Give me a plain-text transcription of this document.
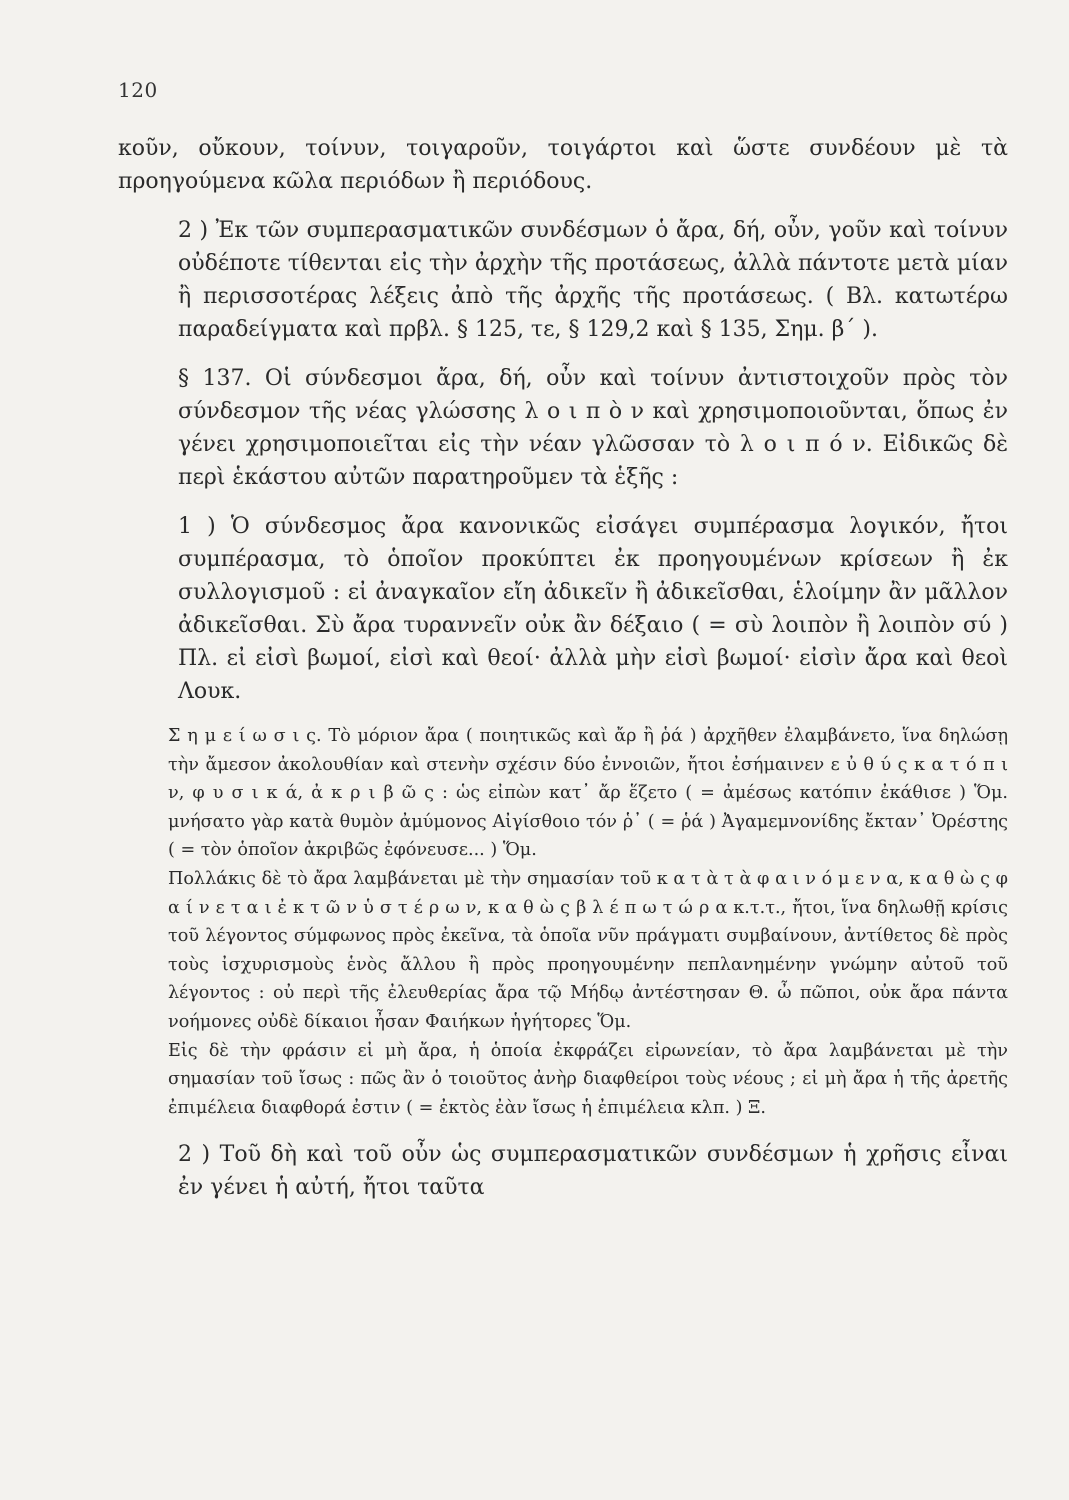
120

κοῦν, οὔκουν, τοίνυν, τοιγαροῦν, τοιγάρτοι καὶ ὥστε συνδέουν μὲ τὰ προηγούμενα κῶλα περιόδων ἢ περιόδους.

2 ) Ἐκ τῶν συμπερασματικῶν συνδέσμων ὁ ἄρα, δή, οὖν, γοῦν καὶ τοίνυν οὐδέποτε τίθενται εἰς τὴν ἀρχὴν τῆς προτάσεως, ἀλλὰ πάντοτε μετὰ μίαν ἢ περισσοτέρας λέξεις ἀπὸ τῆς ἀρχῆς τῆς προτάσεως. ( Βλ. κατωτέρω παραδείγματα καὶ πρβλ. § 125, τε, § 129,2 καὶ § 135, Σημ. β΄ ).

§ 137. Οἱ σύνδεσμοι ἄρα, δή, οὖν καὶ τοίνυν ἀντιστοιχοῦν πρὸς τὸν σύνδεσμον τῆς νέας γλώσσης λ ο ι π ὸ ν καὶ χρησιμοποιοῦνται, ὅπως ἐν γένει χρησιμοποιεῖται εἰς τὴν νέαν γλῶσσαν τὸ λ ο ι π ό ν. Εἰδικῶς δὲ περὶ ἑκάστου αὐτῶν παρατηροῦμεν τὰ ἑξῆς :

1 ) Ὁ σύνδεσμος ἄρα κανονικῶς εἰσάγει συμπέρασμα λογικόν, ἤτοι συμπέρασμα, τὸ ὁποῖον προκύπτει ἐκ προηγουμένων κρίσεων ἢ ἐκ συλλογισμοῦ : εἰ ἀναγκαῖον εἴη ἀδικεῖν ἢ ἀδικεῖσθαι, ἑλοίμην ἂν μᾶλλον ἀδικεῖσθαι. Σὺ ἄρα τυραννεῖν οὐκ ἂν δέξαιο ( = σὺ λοιπὸν ἢ λοιπὸν σύ ) Πλ. εἰ εἰσὶ βωμοί, εἰσὶ καὶ θεοί· ἀλλὰ μὴν εἰσὶ βωμοί· εἰσὶν ἄρα καὶ θεοὶ Λουκ.

Σ η μ ε ί ω σ ι ς. Τὸ μόριον ἄρα ( ποιητικῶς καὶ ἄρ ἢ ῥά ) ἀρχῆθεν ἐλαμβάνετο, ἵνα δηλώσῃ τὴν ἄμεσον ἀκολουθίαν καὶ στενὴν σχέσιν δύο ἐννοιῶν, ἤτοι ἐσήμαινεν ε ὐ θ ύ ς κ α τ ό π ι ν, φ υ σ ι κ ά, ἀ κ ρ ι β ῶ ς : ὡς εἰπὼν κατ᾽ ἄρ ἕζετο ( = ἀμέσως κατόπιν ἐκάθισε ) Ὅμ. μνήσατο γὰρ κατὰ θυμὸν ἀμύμονος Αἰγίσθοιο τόν ῥ᾽ ( = ῥά ) Ἀγαμεμνονίδης ἔκταν᾽ Ὀρέστης ( = τὸν ὁποῖον ἀκριβῶς ἐφόνευσε... ) Ὅμ.

Πολλάκις δὲ τὸ ἄρα λαμβάνεται μὲ τὴν σημασίαν τοῦ κ α τ ὰ τ ὰ φ α ι ν ό μ ε ν α, κ α θ ὼ ς φ α ί ν ε τ α ι ἐ κ τ ῶ ν ὑ σ τ έ ρ ω ν, κ α θ ὼ ς β λ έ π ω τ ώ ρ α κ.τ.τ., ἤτοι, ἵνα δηλωθῇ κρίσις τοῦ λέγοντος σύμφωνος πρὸς ἐκεῖνα, τὰ ὁποῖα νῦν πράγματι συμβαίνουν, ἀντίθετος δὲ πρὸς τοὺς ἰσχυρισμοὺς ἑνὸς ἄλλου ἢ πρὸς προηγουμένην πεπλανημένην γνώμην αὐτοῦ τοῦ λέγοντος : οὐ περὶ τῆς ἐλευθερίας ἄρα τῷ Μήδῳ ἀντέστησαν Θ. ὦ πῶποι, οὐκ ἄρα πάντα νοήμονες οὐδὲ δίκαιοι ἦσαν Φαιήκων ἡγήτορες Ὅμ.

Εἰς δὲ τὴν φράσιν εἰ μὴ ἄρα, ἡ ὁποία ἐκφράζει εἰρωνείαν, τὸ ἄρα λαμβάνεται μὲ τὴν σημασίαν τοῦ ἴσως : πῶς ἂν ὁ τοιοῦτος ἀνὴρ διαφθείροι τοὺς νέους ; εἰ μὴ ἄρα ἡ τῆς ἀρετῆς ἐπιμέλεια διαφθορά ἐστιν ( = ἐκτὸς ἐὰν ἴσως ἡ ἐπιμέλεια κλπ. ) Ξ.

2 ) Τοῦ δὴ καὶ τοῦ οὖν ὡς συμπερασματικῶν συνδέσμων ἡ χρῆσις εἶναι ἐν γένει ἡ αὐτή, ἤτοι ταῦτα
